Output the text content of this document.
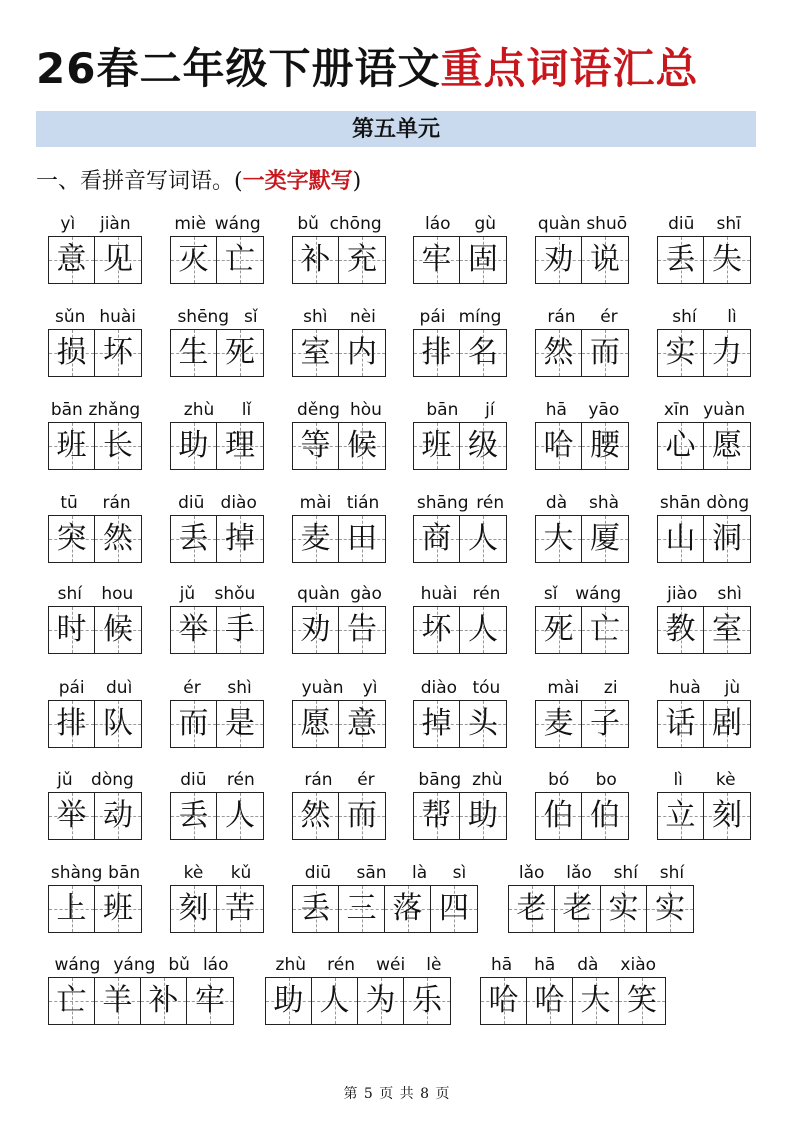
26春二年级下册语文重点词语汇总
第五单元
一、看拼音写词语。(一类字默写)
yì jiàn
意 见
miè wáng
灭 亡
bǔ chōng
补 充
láo gù
牢 固
quàn shuō
劝 说
diū shī
丢 失
sǔn huài
损 坏
shēng sǐ
生 死
shì nèi
室 内
pái míng
排 名
rán ér
然 而
shí lì
实 力
bān zhǎng
班 长
zhù lǐ
助 理
děng hòu
等 候
bān jí
班 级
hā yāo
哈 腰
xīn yuàn
心 愿
tū rán
突 然
diū diào
丢 掉
mài tián
麦 田
shāng rén
商 人
dà shà
大 厦
shān dòng
山 洞
shí hou
时 候
jǔ shǒu
举 手
quàn gào
劝 告
huài rén
坏 人
sǐ wáng
死 亡
jiào shì
教 室
pái duì
排 队
ér shì
而 是
yuàn yì
愿 意
diào tóu
掉 头
mài zi
麦 子
huà jù
话 剧
jǔ dòng
举 动
diū rén
丢 人
rán ér
然 而
bāng zhù
帮 助
bó bo
伯 伯
lì kè
立 刻
shàng bān
上 班
kè kǔ
刻 苦
diū sān là sì
丢 三 落 四
lǎo lǎo shí shí
老 老 实 实
wáng yáng bǔ láo
亡 羊 补 牢
zhù rén wéi lè
助 人 为 乐
hā hā dà xiào
哈 哈 大 笑
第 5 页 共 8 页
